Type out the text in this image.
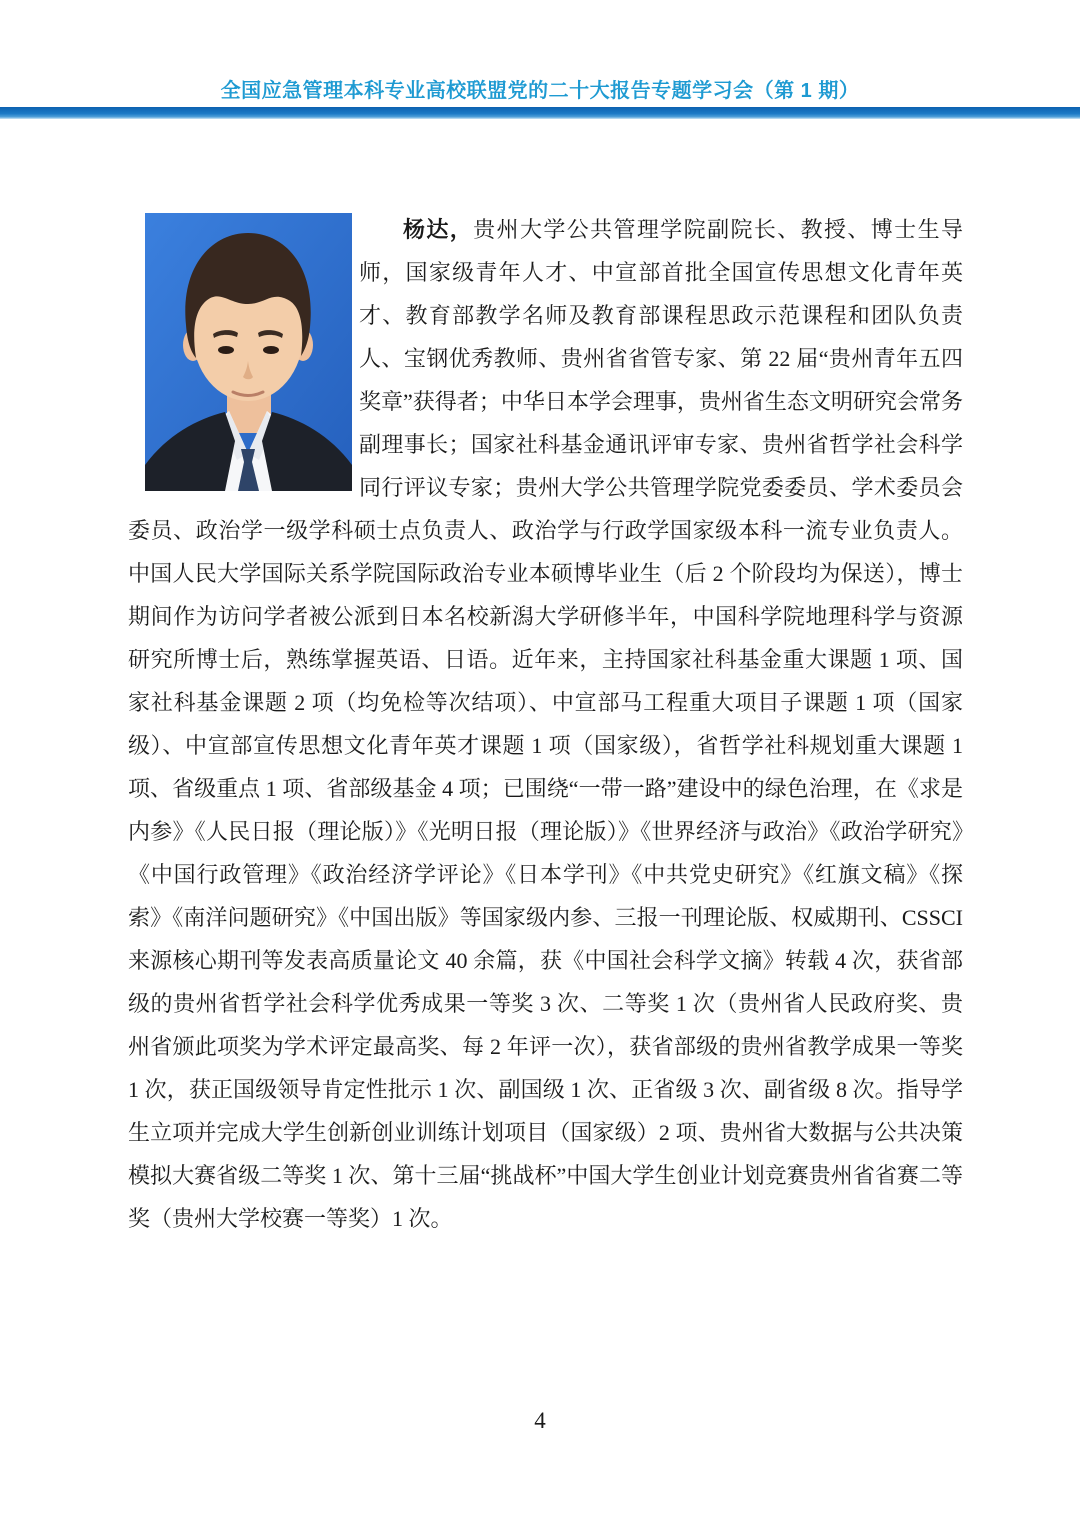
全国应急管理本科专业高校联盟党的二十大报告专题学习会（第 1 期）

杨达，贵州大学公共管理学院副院长、教授、博士生导师，国家级青年人才、中宣部首批全国宣传思想文化青年英才、教育部教学名师及教育部课程思政示范课程和团队负责人、宝钢优秀教师、贵州省省管专家、第 22 届“贵州青年五四奖章”获得者；中华日本学会理事，贵州省生态文明研究会常务副理事长；国家社科基金通讯评审专家、贵州省哲学社会科学同行评议专家；贵州大学公共管理学院党委委员、学术委员会委员、政治学一级学科硕士点负责人、政治学与行政学国家级本科一流专业负责人。中国人民大学国际关系学院国际政治专业本硕博毕业生（后 2 个阶段均为保送），博士期间作为访问学者被公派到日本名校新潟大学研修半年，中国科学院地理科学与资源研究所博士后，熟练掌握英语、日语。近年来，主持国家社科基金重大课题 1 项、国家社科基金课题 2 项（均免检等次结项）、中宣部马工程重大项目子课题 1 项（国家级）、中宣部宣传思想文化青年英才课题 1 项（国家级），省哲学社科规划重大课题 1 项、省级重点 1 项、省部级基金 4 项；已围绕“一带一路”建设中的绿色治理，在《求是内参》《人民日报（理论版）》《光明日报（理论版）》《世界经济与政治》《政治学研究》《中国行政管理》《政治经济学评论》《日本学刊》《中共党史研究》《红旗文稿》《探索》《南洋问题研究》《中国出版》等国家级内参、三报一刊理论版、权威期刊、CSSCI 来源核心期刊等发表高质量论文 40 余篇，获《中国社会科学文摘》转载 4 次，获省部级的贵州省哲学社会科学优秀成果一等奖 3 次、二等奖 1 次（贵州省人民政府奖、贵州省颁此项奖为学术评定最高奖、每 2 年评一次），获省部级的贵州省教学成果一等奖 1 次，获正国级领导肯定性批示 1 次、副国级 1 次、正省级 3 次、副省级 8 次。指导学生立项并完成大学生创新创业训练计划项目（国家级）2 项、贵州省大数据与公共决策模拟大赛省级二等奖 1 次、第十三届“挑战杯”中国大学生创业计划竞赛贵州省省赛二等奖（贵州大学校赛一等奖）1 次。

4
